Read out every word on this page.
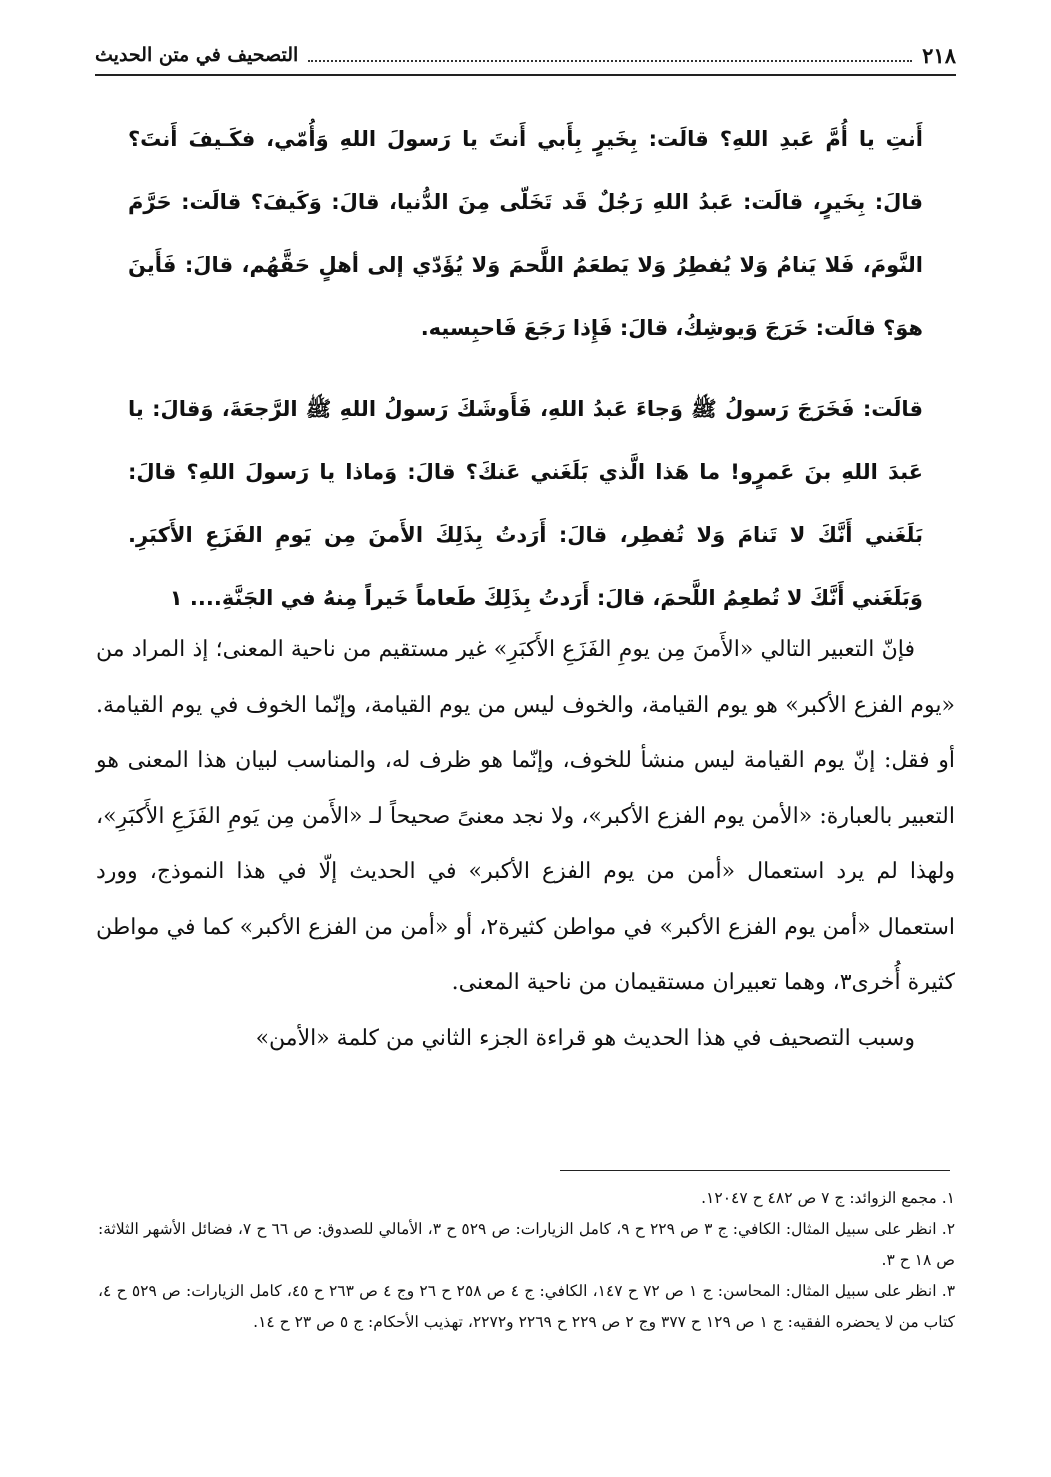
٢١٨
التصحيف في متن الحديث

أَنتِ يا أُمَّ عَبدِ اللهِ؟ قالَت: بِخَيرٍ بِأَبي أَنتَ يا رَسولَ اللهِ وَأُمّي، فكَـيفَ أَنتَ؟ قالَ: بِخَيرٍ، قالَت: عَبدُ اللهِ رَجُلٌ قَد تَخَلّى مِنَ الدُّنيا، قالَ: وَكَيفَ؟ قالَت: حَرَّمَ النَّومَ، فَلا يَنامُ وَلا يُفطِرُ وَلا يَطعَمُ اللَّحمَ وَلا يُؤَدّي إلى أهلٍ حَقَّهُم، قالَ: فَأَينَ هوَ؟ قالَت: خَرَجَ وَيوشِكُ، قالَ: فَإِذا رَجَعَ فَاحبِسيه.

قالَت: فَخَرَجَ رَسولُ ﷺ وَجاءَ عَبدُ اللهِ، فَأَوشَكَ رَسولُ اللهِ ﷺ الرَّجعَةَ، وَقالَ: يا عَبدَ اللهِ بنَ عَمرٍو! ما هَذا الَّذي بَلَغَني عَنكَ؟ قالَ: وَماذا يا رَسولَ اللهِ؟ قالَ: بَلَغَني أَنَّكَ لا تَنامَ وَلا تُفطِر، قالَ: أَرَدتُ بِذَلِكَ الأَمنَ مِن يَومِ الفَزَعِ الأَكبَرِ. وَبَلَغَني أَنَّكَ لا تُطعِمُ اللَّحمَ، قالَ: أَرَدتُ بِذَلِكَ طَعاماً خَيراً مِنهُ في الجَنَّةِ.... ١

فإنّ التعبير التالي «الأَمنَ مِن يومِ الفَزَعِ الأَكبَرِ» غير مستقيم من ناحية المعنى؛ إذ المراد من «يوم الفزع الأكبر» هو يوم القيامة، والخوف ليس من يوم القيامة، وإنّما الخوف في يوم القيامة. أو فقل: إنّ يوم القيامة ليس منشأ للخوف، وإنّما هو ظرف له، والمناسب لبيان هذا المعنى هو التعبير بالعبارة: «الأمن يوم الفزع الأكبر»، ولا نجد معنىً صحيحاً لـ «الأَمن مِن يَومِ الفَزَعِ الأَكبَرِ»، ولهذا لم يرد استعمال «أمن من يوم الفزع الأكبر» في الحديث إلّا في هذا النموذج، وورد استعمال «أمن يوم الفزع الأكبر» في مواطن كثيرة٢، أو «أمن من الفزع الأكبر» كما في مواطن كثيرة أُخرى٣، وهما تعبيران مستقيمان من ناحية المعنى.

وسبب التصحيف في هذا الحديث هو قراءة الجزء الثاني من كلمة «الأمن»

١. مجمع الزوائد: ج ٧ ص ٤٨٢ ح ١٢٠٤٧.

٢. انظر على سبيل المثال: الكافي: ج ٣ ص ٢٢٩ ح ٩، كامل الزيارات: ص ٥٢٩ ح ٣، الأمالي للصدوق: ص ٦٦ ح ٧، فضائل الأشهر الثلاثة: ص ١٨ ح ٣.

٣. انظر على سبيل المثال: المحاسن: ج ١ ص ٧٢ ح ١٤٧، الكافي: ج ٤ ص ٢٥٨ ح ٢٦ وج ٤ ص ٢٦٣ ح ٤٥، كامل الزيارات: ص ٥٢٩ ح ٤، كتاب من لا يحضره الفقيه: ج ١ ص ١٢٩ ح ٣٧٧ وج ٢ ص ٢٢٩ ح ٢٢٦٩ و٢٢٧٢، تهذيب الأحكام: ج ٥ ص ٢٣ ح ١٤.
